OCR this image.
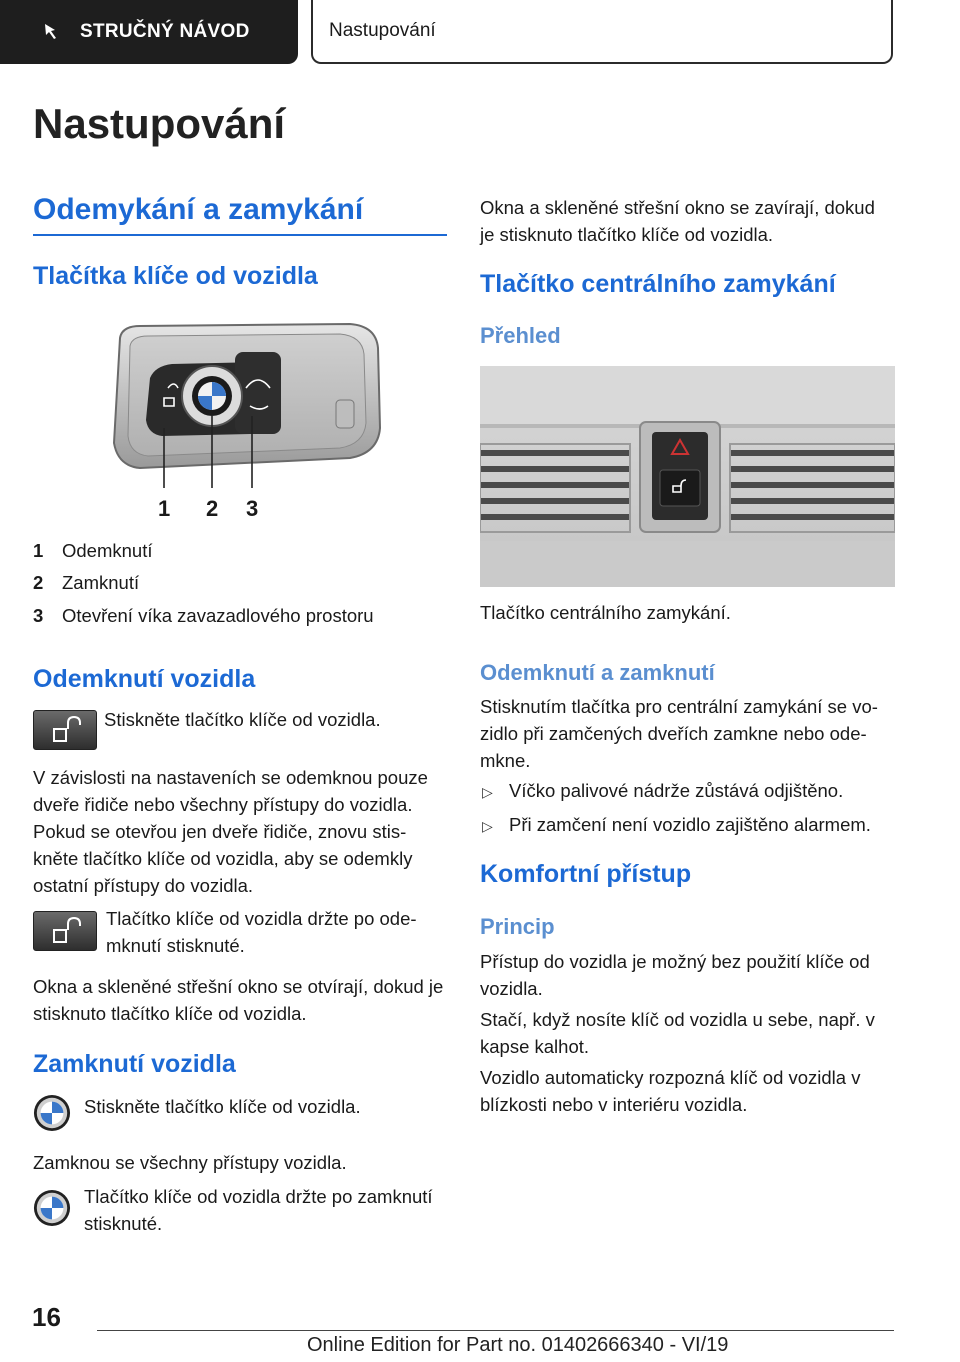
STRUČNÝ NÁVOD	Nastupování
Nastupování
Odemykání a zamykání
Tlačítka klíče od vozidla
1 2 3
1 Odemknutí
2 Zamknutí
3 Otevření víka zavazadlového prostoru
Odemknutí vozidla
Stiskněte tlačítko klíče od vozidla.
V závislosti na nastaveních se odemknou pouze
dveře řidiče nebo všechny přístupy do vozidla.
Pokud se otevřou jen dveře řidiče, znovu stis‐
kněte tlačítko klíče od vozidla, aby se odemkly
ostatní přístupy do vozidla.
Tlačítko klíče od vozidla držte po ode‐
mknutí stisknuté.
Okna a skleněné střešní okno se otvírají, dokud je
stisknuto tlačítko klíče od vozidla.
Zamknutí vozidla
Stiskněte tlačítko klíče od vozidla.
Zamknou se všechny přístupy vozidla.
Tlačítko klíče od vozidla držte po zamknutí
stisknuté.
Okna a skleněné střešní okno se zavírají, dokud
je stisknuto tlačítko klíče od vozidla.
Tlačítko centrálního zamykání
Přehled
Tlačítko centrálního zamykání.
Odemknutí a zamknutí
Stisknutím tlačítka pro centrální zamykání se vo‐
zidlo při zamčených dveřích zamkne nebo ode‐
mkne.
▷ Víčko palivové nádrže zůstává odjištěno.
▷ Při zamčení není vozidlo zajištěno alarmem.
Komfortní přístup
Princip
Přístup do vozidla je možný bez použití klíče od
vozidla.
Stačí, když nosíte klíč od vozidla u sebe, např. v
kapse kalhot.
Vozidlo automaticky rozpozná klíč od vozidla v
blízkosti nebo v interiéru vozidla.
16
Online Edition for Part no. 01402666340 - VI/19
